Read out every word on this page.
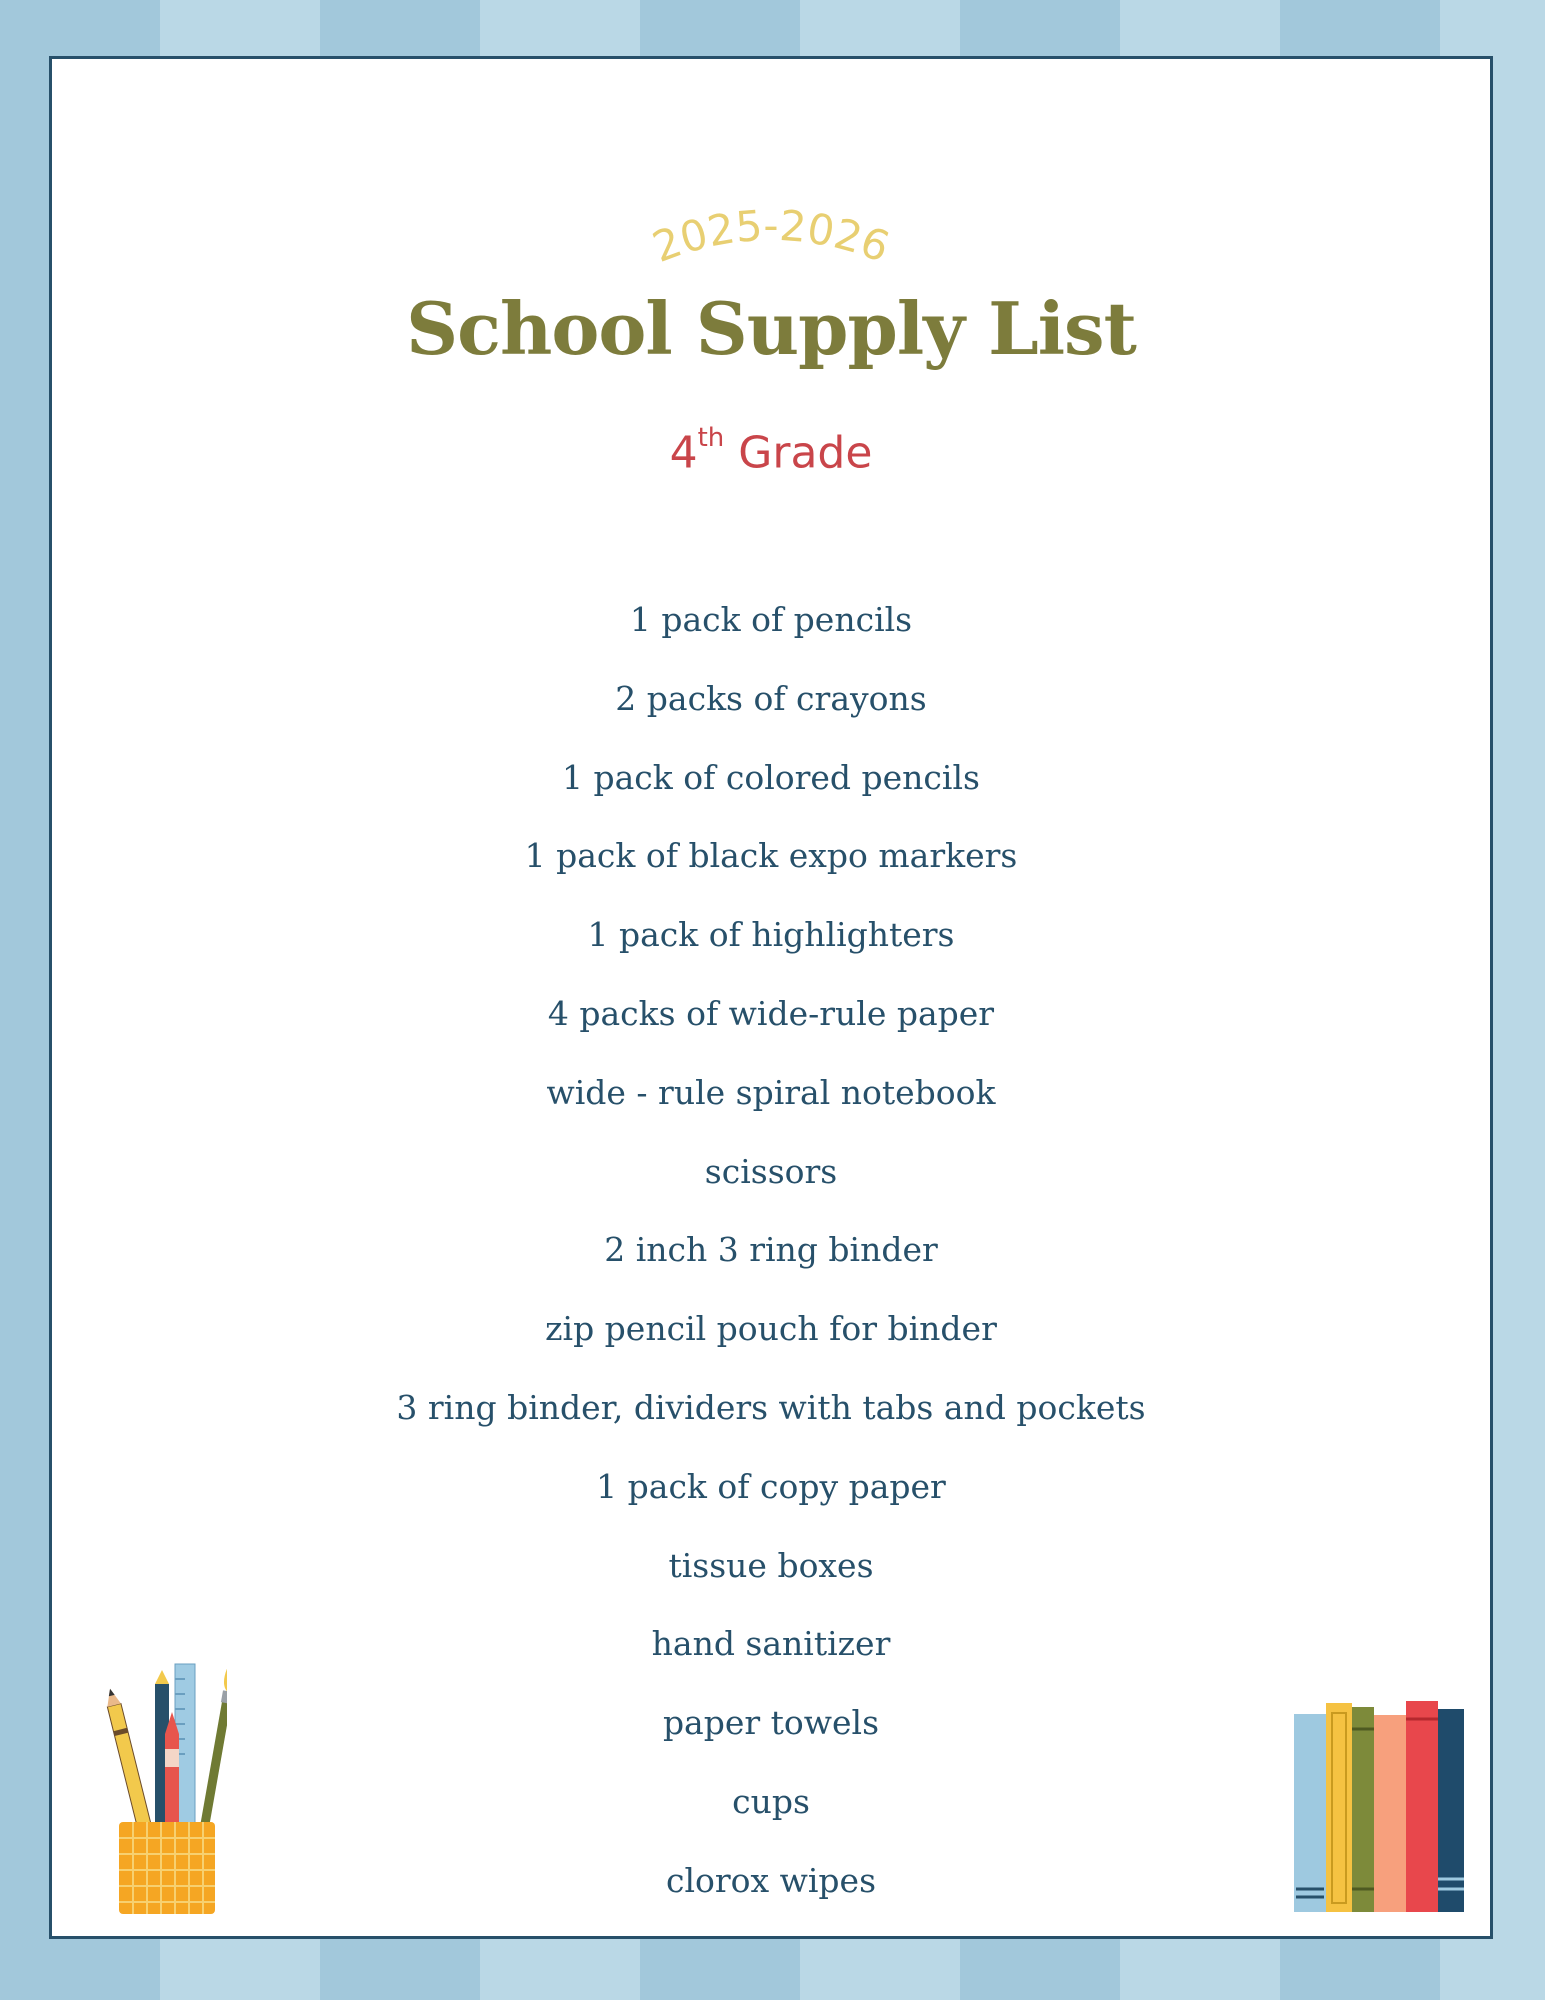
2025-2026
School Supply List
4th Grade
1 pack of pencils
2 packs of crayons
1 pack of colored pencils
1 pack of black expo markers
1 pack of highlighters
4 packs of wide-rule paper
wide - rule spiral notebook
scissors
2 inch 3 ring binder
zip pencil pouch for binder
3 ring binder, dividers with tabs and pockets
1 pack of copy paper
tissue boxes
hand sanitizer
paper towels
cups
clorox wipes
